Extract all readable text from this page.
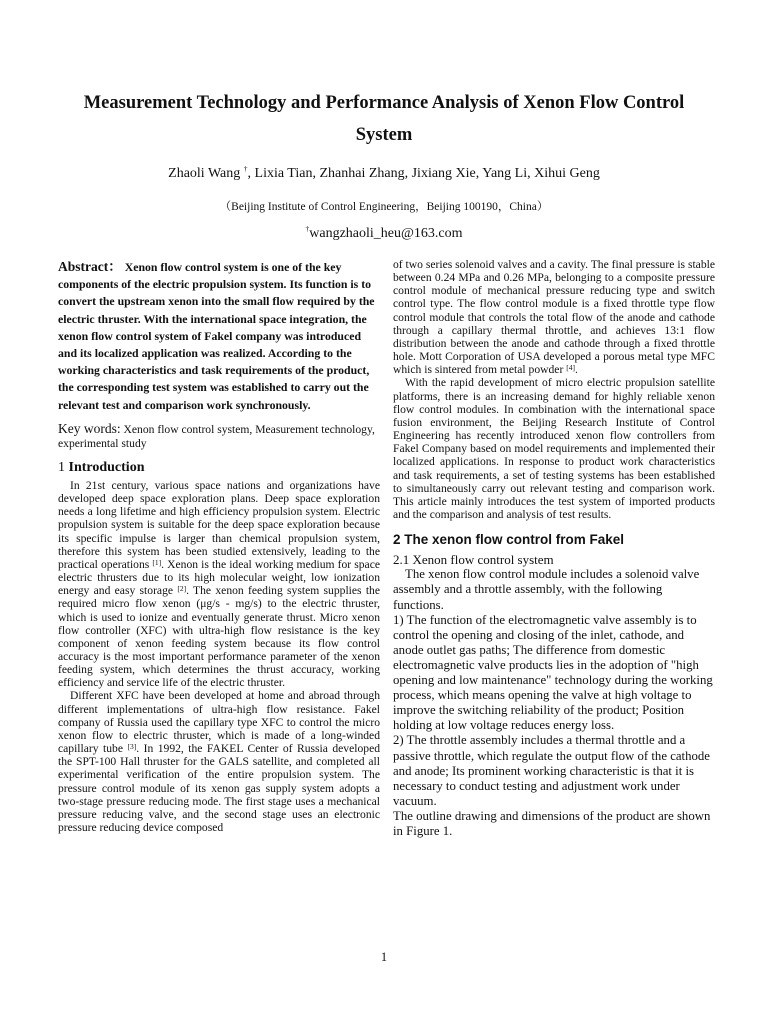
Measurement Technology and Performance Analysis of Xenon Flow Control System
Zhaoli Wang †, Lixia Tian, Zhanhai Zhang, Jixiang Xie, Yang Li, Xihui Geng
（Beijing Institute of Control Engineering，Beijing 100190，China）
†wangzhaoli_heu@163.com

Abstract： Xenon flow control system is one of the key components of the electric propulsion system. Its function is to convert the upstream xenon into the small flow required by the electric thruster. With the international space integration, the xenon flow control system of Fakel company was introduced and its localized application was realized. According to the working characteristics and task requirements of the product, the corresponding test system was established to carry out the relevant test and comparison work synchronously.

Key words: Xenon flow control system, Measurement technology, experimental study

1 Introduction

In 21st century, various space nations and organizations have developed deep space exploration plans. Deep space exploration needs a long lifetime and high efficiency propulsion system. Electric propulsion system is suitable for the deep space exploration because its specific impulse is larger than chemical propulsion system, therefore this system has been studied extensively, leading to the practical operations [1]. Xenon is the ideal working medium for space electric thrusters due to its high molecular weight, low ionization energy and easy storage [2]. The xenon feeding system supplies the required micro flow xenon (μg/s - mg/s) to the electric thruster, which is used to ionize and eventually generate thrust. Micro xenon flow controller (XFC) with ultra-high flow resistance is the key component of xenon feeding system because its flow control accuracy is the most important performance parameter of the xenon feeding system, which determines the thrust accuracy, working efficiency and service life of the electric thruster.

Different XFC have been developed at home and abroad through different implementations of ultra-high flow resistance. Fakel company of Russia used the capillary type XFC to control the micro xenon flow to electric thruster, which is made of a long-winded capillary tube [3]. In 1992, the FAKEL Center of Russia developed the SPT-100 Hall thruster for the GALS satellite, and completed all experimental verification of the entire propulsion system. The pressure control module of its xenon gas supply system adopts a two-stage pressure reducing mode. The first stage uses a mechanical pressure reducing valve, and the second stage uses an electronic pressure reducing device composed

of two series solenoid valves and a cavity. The final pressure is stable between 0.24 MPa and 0.26 MPa, belonging to a composite pressure control module of mechanical pressure reducing type and switch control type. The flow control module is a fixed throttle type flow control module that controls the total flow of the anode and cathode through a capillary thermal throttle, and achieves 13:1 flow distribution between the anode and cathode through a fixed throttle hole. Mott Corporation of USA developed a porous metal type MFC which is sintered from metal powder [4].

With the rapid development of micro electric propulsion satellite platforms, there is an increasing demand for highly reliable xenon flow control modules. In combination with the international space fusion environment, the Beijing Research Institute of Control Engineering has recently introduced xenon flow controllers from Fakel Company based on model requirements and implemented their localized applications. In response to product work characteristics and task requirements, a set of testing systems has been established to simultaneously carry out relevant testing and comparison work. This article mainly introduces the test system of imported products and the comparison and analysis of test results.

2 The xenon flow control from Fakel

2.1 Xenon flow control system

The xenon flow control module includes a solenoid valve assembly and a throttle assembly, with the following functions.

1) The function of the electromagnetic valve assembly is to control the opening and closing of the inlet, cathode, and anode outlet gas paths; The difference from domestic electromagnetic valve products lies in the adoption of "high opening and low maintenance" technology during the working process, which means opening the valve at high voltage to improve the switching reliability of the product; Position holding at low voltage reduces energy loss.

2) The throttle assembly includes a thermal throttle and a passive throttle, which regulate the output flow of the cathode and anode; Its prominent working characteristic is that it is necessary to conduct testing and adjustment work under vacuum.

The outline drawing and dimensions of the product are shown in Figure 1.

1
